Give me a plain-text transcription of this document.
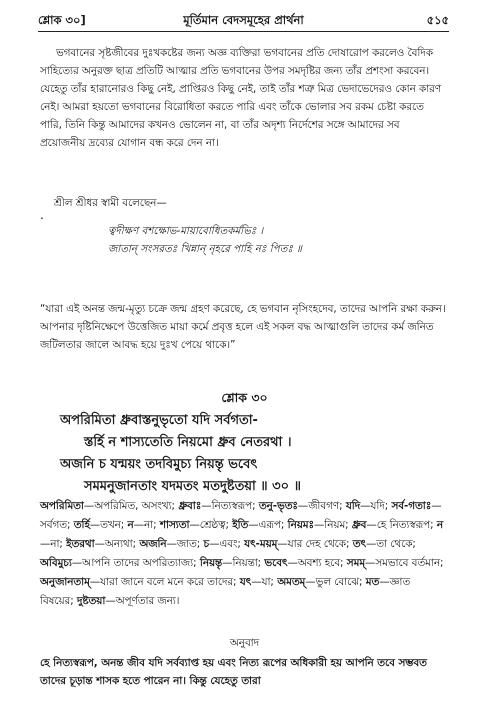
শ্লোক ৩০]	মূর্তিমান বেদসমূহের প্রার্থনা	৫১৫

ভগবানের সৃষ্টজীবের দুঃখকষ্টের জন্য অজ্ঞ ব্যক্তিরা ভগবানের প্রতি দোষারোপ করলেও বৈদিক সাহিত্যের অনুরক্ত ছাত্র প্রতিটি আত্মার প্রতি ভগবানের উপর সমদৃষ্টির জন্য তাঁর প্রশংসা করবেন। যেহেতু তাঁর হারানোরও কিছু নেই, প্রাপ্তিরও কিছু নেই, তাই তাঁর শত্রু মিত্র ভেদাভেদেরও কোন কারণ নেই। আমরা হয়তো ভগবানের বিরোধিতা করতে পারি এবং তাঁকে ভোলার সব রকম চেষ্টা করতে পারি, তিনি কিন্তু আমাদের কখনও ভোলেন না, বা তাঁর অদৃশ্য নির্দেশের সঙ্গে আমাদের সব প্রয়োজনীয় দ্রব্যের যোগান বন্ধ করে দেন না।

.
শ্রীল শ্রীধর স্বামী বলেছেন—
ত্বদীক্ষণ বশক্ষোভ-মায়াবোধিতকর্মভিঃ ।
জাতান্ সংসরতঃ খিন্নান্ নৃহরে পাহি নঃ পিতঃ ॥

“যারা এই অনন্ত জন্ম-মৃত্যু চক্রে জন্ম গ্রহণ করেছে, হে ভগবান নৃসিংহদেব, তাদের আপনি রক্ষা করুন। আপনার দৃষ্টিনিক্ষেপে উত্তেজিত মায়া কর্মে প্রবৃত্ত হলে এই সকল বদ্ধ আত্মাগুলি তাদের কর্ম জনিত জটিলতার জালে আবদ্ধ হয়ে দুঃখ পেয়ে থাকে।”

শ্লোক ৩০
অপরিমিতা ধ্রুবাস্তনুভৃতো যদি সর্বগতা-
স্তর্হি ন শাস্যতেতি নিয়মো ধ্রুব নেতরথা ।
অজনি চ যন্ময়ং তদবিমুচ্য নিয়ন্তৃ ভবেৎ
সমমনুজানতাং যদমতং মতদুষ্টতয়া ॥ ৩০ ॥
অপরিমিতা—অপরিমিত, অসংখ্য; ধ্রুবাঃ—নিত্যস্বরূপ; তনু-ভৃতঃ—জীবগণ; যদি—যদি; সর্ব-গতাঃ—সর্বগত; তর্হি—তখন; ন—না; শাস্যতা—শ্রেষ্ঠত্ব; ইতি—এরূপ; নিয়মঃ—নিয়ম; ধ্রুব—হে নিত্যস্বরূপ; ন—না; ইতরথা—অন্যথা; অজনি—জাত; চ—এবং; যৎ-ময়ম্—যার দেহ থেকে; তৎ—তা থেকে; অবিমুচ্য—আপনি তাদের অপরিত্যাজ্য; নিয়ন্তৃ—নিয়ন্তা; ভবেৎ—অবশ্য হবে; সমম্—সমভাবে বর্তমান; অনুজানতাম্—যারা জানে বলে মনে করে তাদের; যৎ—যা; অমতম্—ভুল বোঝে; মত—জ্ঞাত বিষয়ের; দুষ্টতয়া—অপূর্ণতার জন্য।
অনুবাদ
হে নিত্যস্বরূপ, অনন্ত জীব যদি সর্বব্যাপ্ত হয় এবং নিত্য রূপের অধিকারী হয় আপনি তবে সম্ভবত তাদের চূড়ান্ত শাসক হতে পারেন না। কিন্তু যেহেতু তারা
